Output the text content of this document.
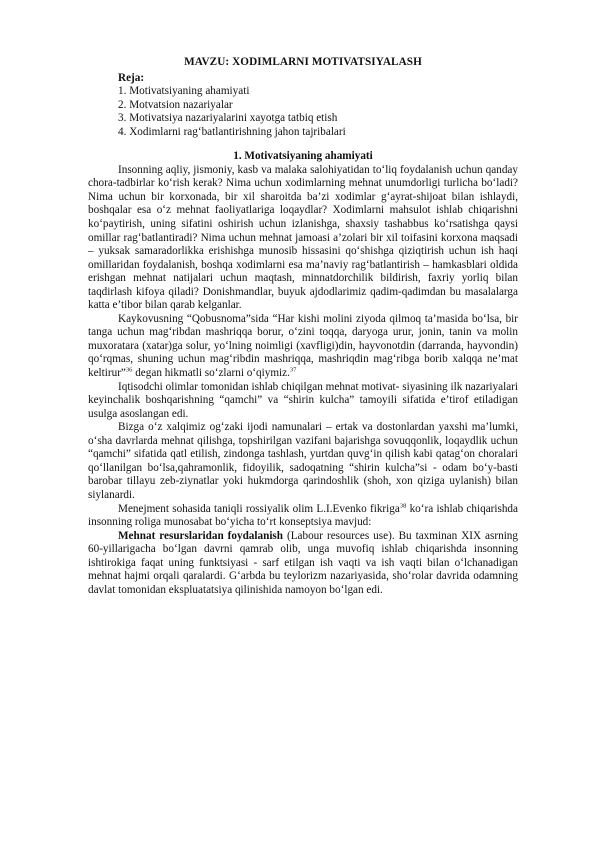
MAVZU: XODIMLARNI MOTIVATSIYALASH
Reja:
1. Motivatsiyaning ahamiyati
2. Motvatsion nazariyalar
3. Motivatsiya nazariyalarini xayotga tatbiq etish
4. Xodimlarni rag‘batlantirishning jahon tajribalari
1. Motivatsiyaning ahamiyati

Insonning aqliy, jismoniy, kasb va malaka salohiyatidan to‘liq foydalanish uchun qanday chora-tadbirlar ko‘rish kerak? Nima uchun xodimlarning mehnat unumdorligi turlicha bo‘ladi? Nima uchun bir korxonada, bir xil sharoitda ba’zi xodimlar g‘ayrat-shijoat bilan ishlaydi, boshqalar esa o‘z mehnat faoliyatlariga loqaydlar? Xodimlarni mahsulot ishlab chiqarishni ko‘paytirish, uning sifatini oshirish uchun izlanishga, shaxsiy tashabbus ko‘rsatishga qaysi omillar rag‘batlantiradi? Nima uchun mehnat jamoasi a’zolari bir xil toifasini korxona maqsadi – yuksak samaradorlikka erishishga munosib hissasini qo‘shishga qiziqtirish uchun ish haqi omillaridan foydalanish, boshqa xodimlarni esa ma’naviy rag‘batlantirish – hamkasblari oldida erishgan mehnat natijalari uchun maqtash, minnatdorchilik bildirish, faxriy yorliq bilan taqdirlash kifoya qiladi? Donishmandlar, buyuk ajdodlarimiz qadim-qadimdan bu masalalarga katta e’tibor bilan qarab kelganlar.

Kaykovusning “Qobusnoma”sida “Har kishi molini ziyoda qilmoq ta’masida bo‘lsa, bir tanga uchun mag‘ribdan mashriqqa borur, o‘zini toqqa, daryoga urur, jonin, tanin va molin muxoratara (xatar)ga solur, yo‘lning noimligi (xavfligi)din, hayvonotdin (darranda, hayvondin) qo‘rqmas, shuning uchun mag‘ribdin mashriqqa, mashriqdin mag‘ribga borib xalqqa ne’mat keltirur”$^{36}$ degan hikmatli so‘zlarni o‘qiymiz.$^{37}$

Iqtisodchi olimlar tomonidan ishlab chiqilgan mehnat motivat- siyasining ilk nazariyalari keyinchalik boshqarishning “qamchi” va “shirin kulcha” tamoyili sifatida e’tirof etiladigan usulga asoslangan edi.

Bizga o‘z xalqimiz og‘zaki ijodi namunalari – ertak va dostonlardan yaxshi ma’lumki, o‘sha davrlarda mehnat qilishga, topshirilgan vazifani bajarishga sovuqqonlik, loqaydlik uchun “qamchi” sifatida qatl etilish, zindonga tashlash, yurtdan quvg‘in qilish kabi qatag‘on choralari qo‘llanilgan bo‘lsa,qahramonlik, fidoyilik, sadoqatning “shirin kulcha”si - odam bo‘y-basti barobar tillayu zeb-ziynatlar yoki hukmdorga qarindoshlik (shoh, xon qiziga uylanish) bilan siylanardi.

Menejment sohasida taniqli rossiyalik olim L.I.Evenko fikriga$^{38}$ ko‘ra ishlab chiqarishda insonning roliga munosabat bo‘yicha to‘rt konseptsiya mavjud:

Mehnat resurslaridan foydalanish (Labour resources use). Bu taxminan XIX asrning 60-yillarigacha bo‘lgan davrni qamrab olib, unga muvofiq ishlab chiqarishda insonning ishtirokiga faqat uning funktsiyasi - sarf etilgan ish vaqti va ish vaqti bilan o‘lchanadigan mehnat hajmi orqali qaralardi. G‘arbda bu teylorizm nazariyasida, sho‘rolar davrida odamning davlat tomonidan ekspluatatsiya qilinishida namoyon bo‘lgan edi.
